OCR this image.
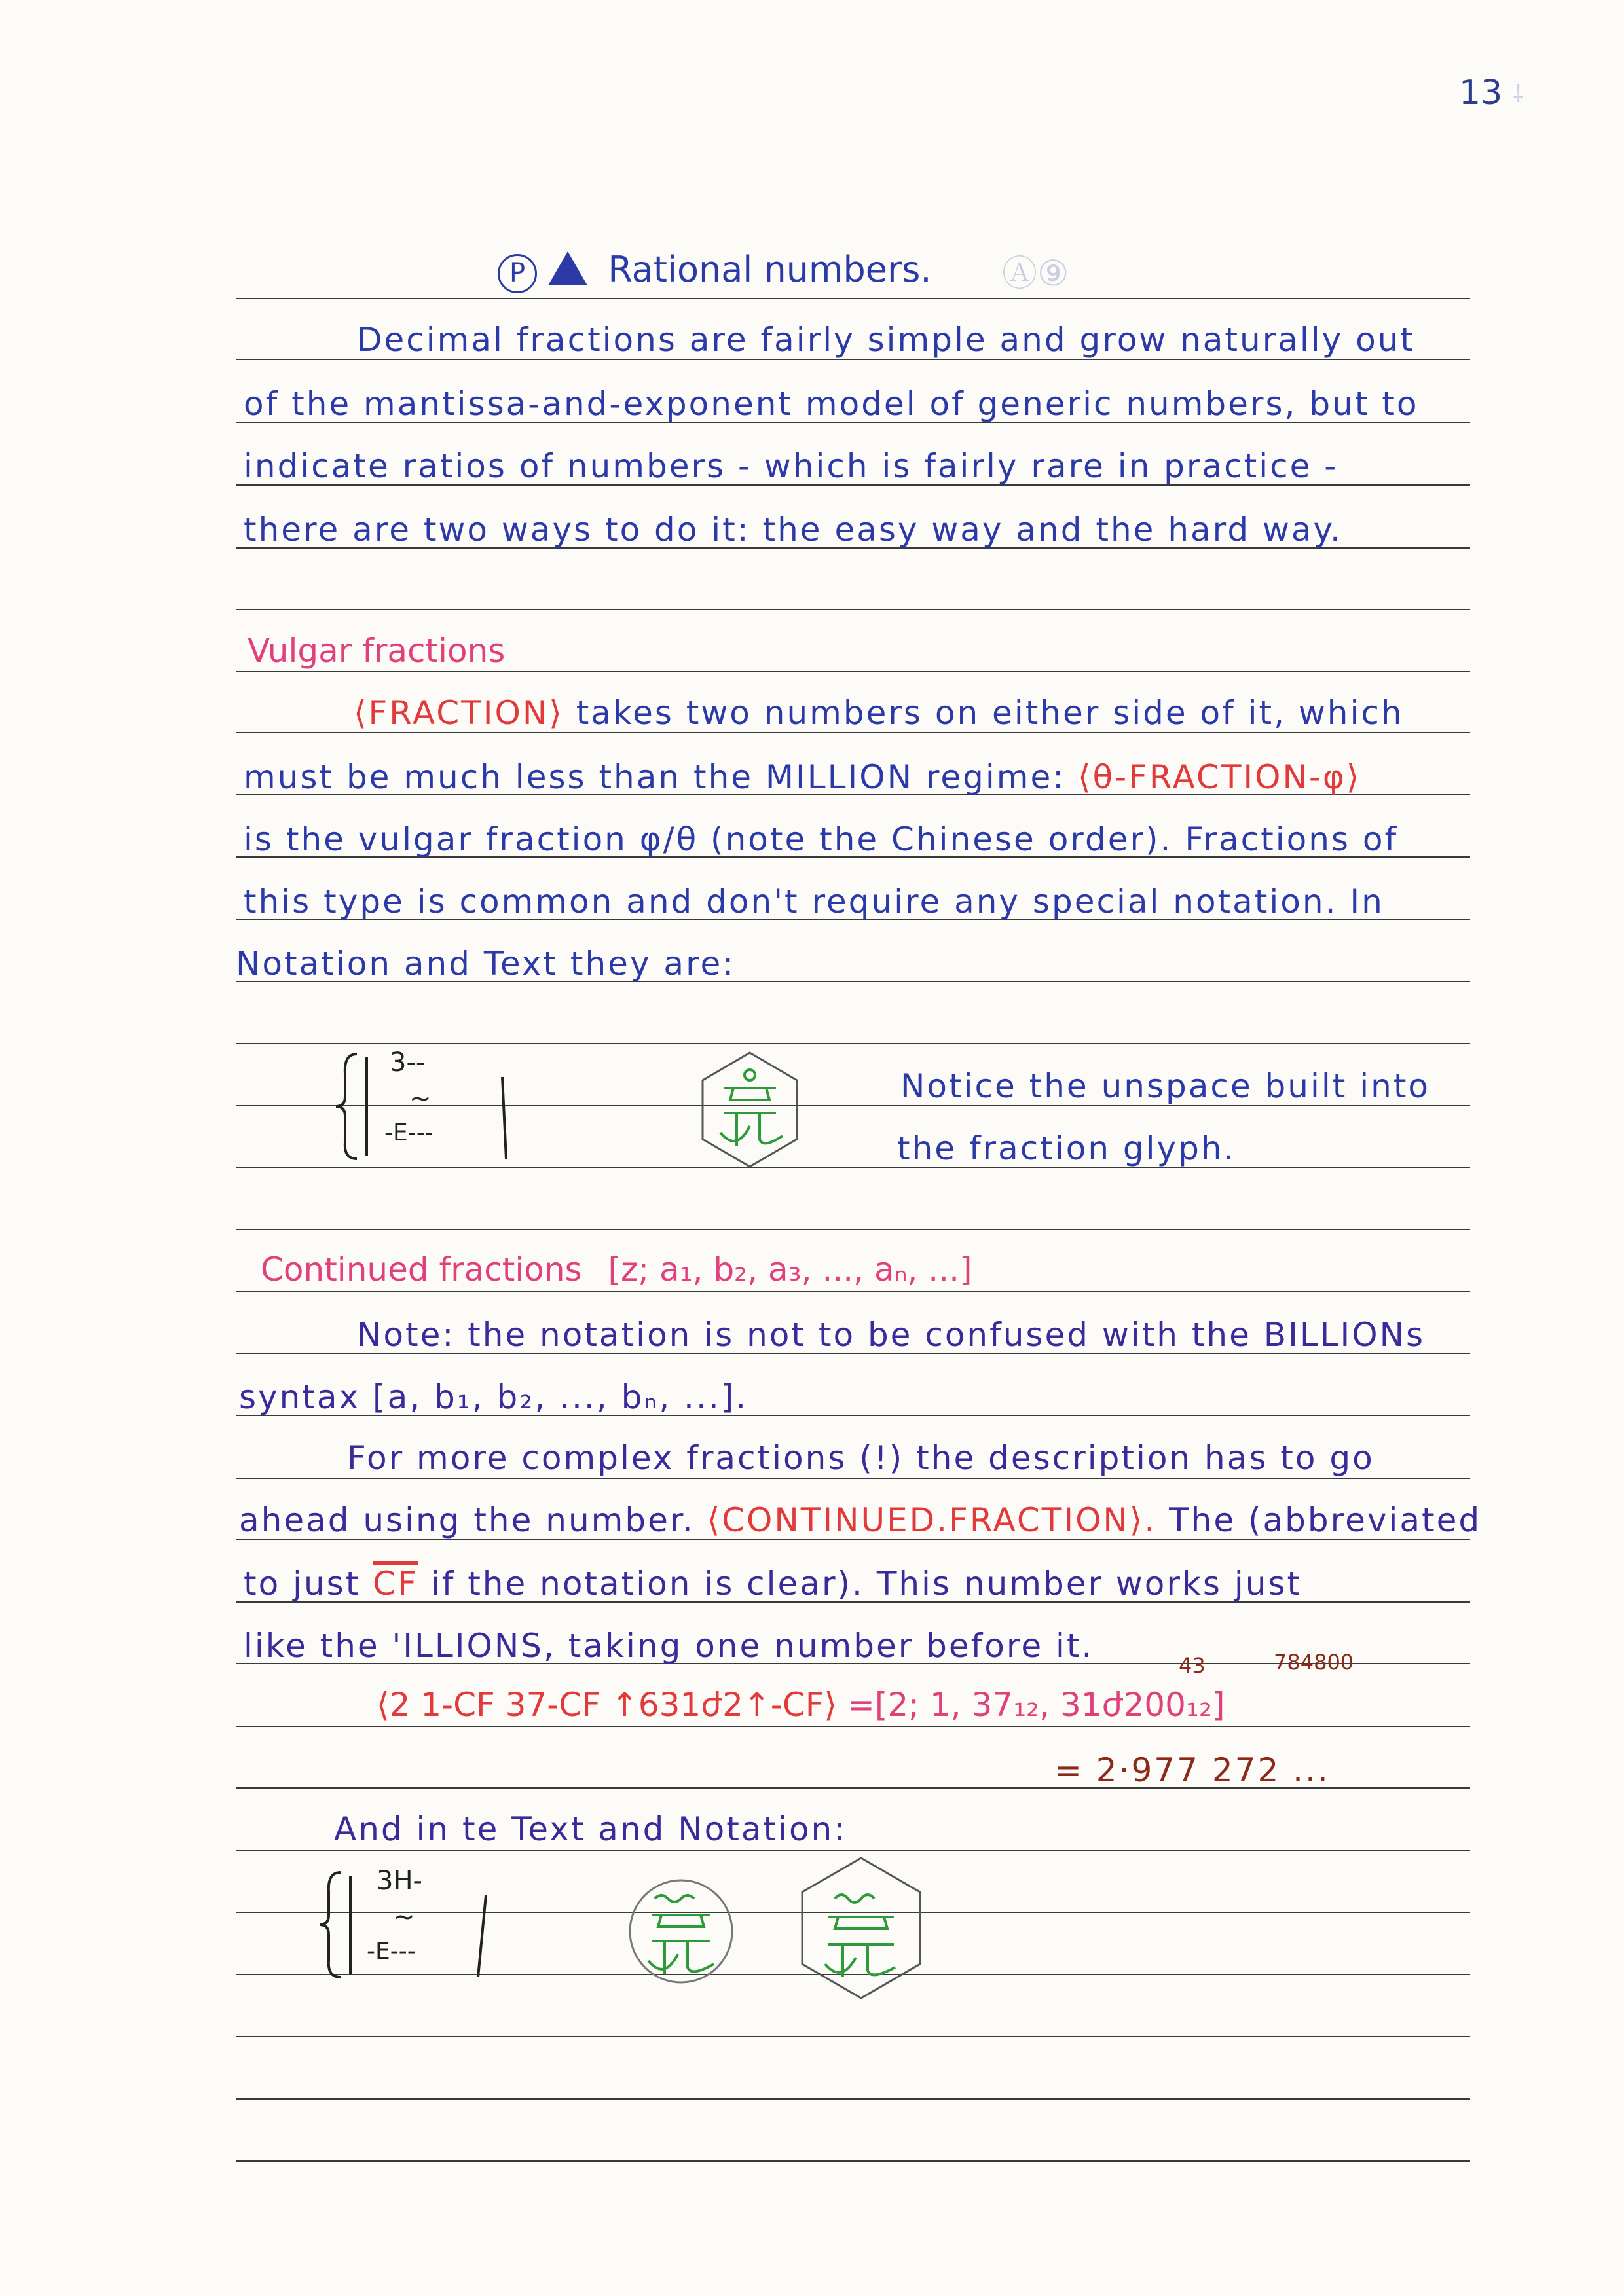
13 ⸸
P Rational numbers. Ⓐ⑨
Decimal fractions are fairly simple and grow naturally out
of the mantissa-and-exponent model of generic numbers, but to
indicate ratios of numbers - which is fairly rare in practice -
there are two ways to do it: the easy way and the hard way.
Vulgar fractions
⟨FRACTION⟩ takes two numbers on either side of it, which
must be much less than the MILLION regime: ⟨θ-FRACTION-φ⟩
is the vulgar fraction φ/θ (note the Chinese order). Fractions of
this type is common and don't require any special notation. In
Notation and Text they are:
3--
~
-E---
Notice the unspace built into
the fraction glyph.
Continued fractions [z; a₁, b₂, a₃, ..., aₙ, ...]
Note: the notation is not to be confused with the BILLIONs
syntax [a, b₁, b₂, ..., bₙ, ...].
For more complex fractions (!) the description has to go
ahead using the number. ⟨CONTINUED.FRACTION⟩. The (abbreviated
to just $\overline{CF}$ if the notation is clear). This number works just
like the 'ILLIONS, taking one number before it.
43	784800
⟨2 1-CF 37-CF ↑631ժ2↑-CF⟩ =[2; 1, 37₁₂, 31ժ200₁₂]
= 2·977 272 ...
And in te Text and Notation:
3H-
~
-E---
